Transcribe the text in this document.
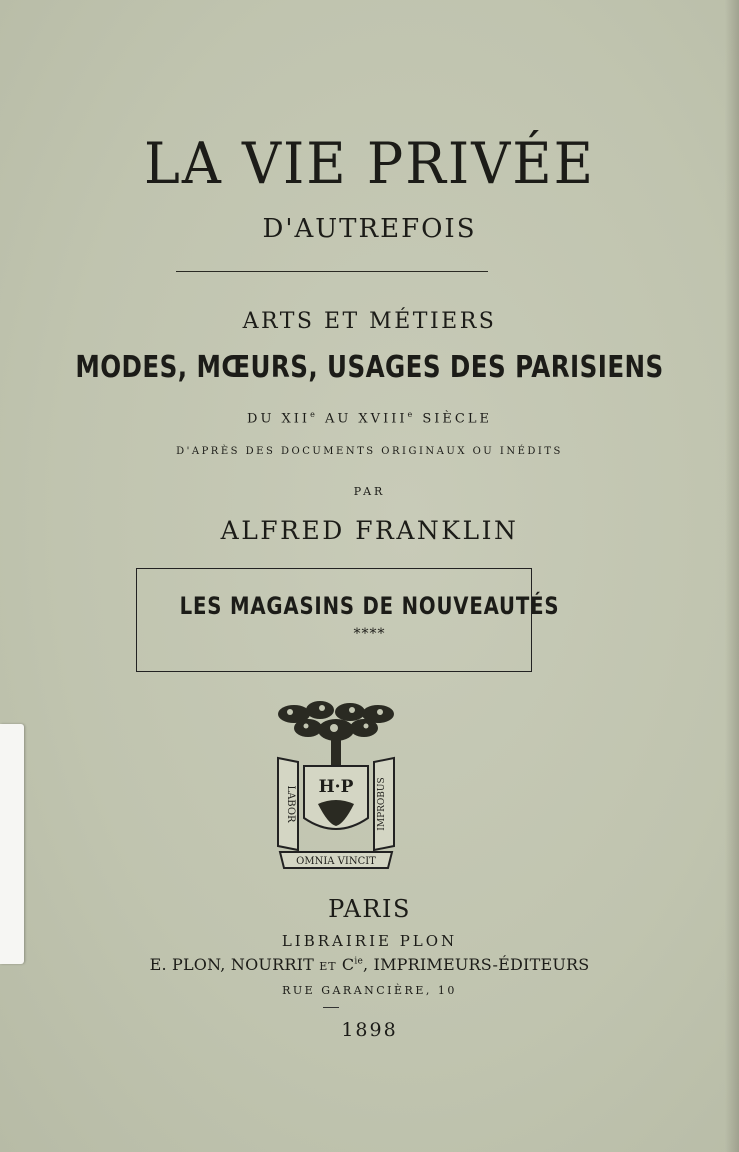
LA VIE PRIVÉE
D'AUTREFOIS
ARTS ET MÉTIERS
MODES, MŒURS, USAGES DES PARISIENS
DU XIIe AU XVIIIe SIÈCLE
D'APRÈS DES DOCUMENTS ORIGINAUX OU INÉDITS
PAR
ALFRED FRANKLIN
LES MAGASINS DE NOUVEAUTÉS
****
H·P
LABOR	IMPROBUS
OMNIA VINCIT
PARIS
LIBRAIRIE PLON
E. PLON, NOURRIT ET $C^{ie}$, IMPRIMEURS-ÉDITEURS
RUE GARANCIÈRE, 10
1898
